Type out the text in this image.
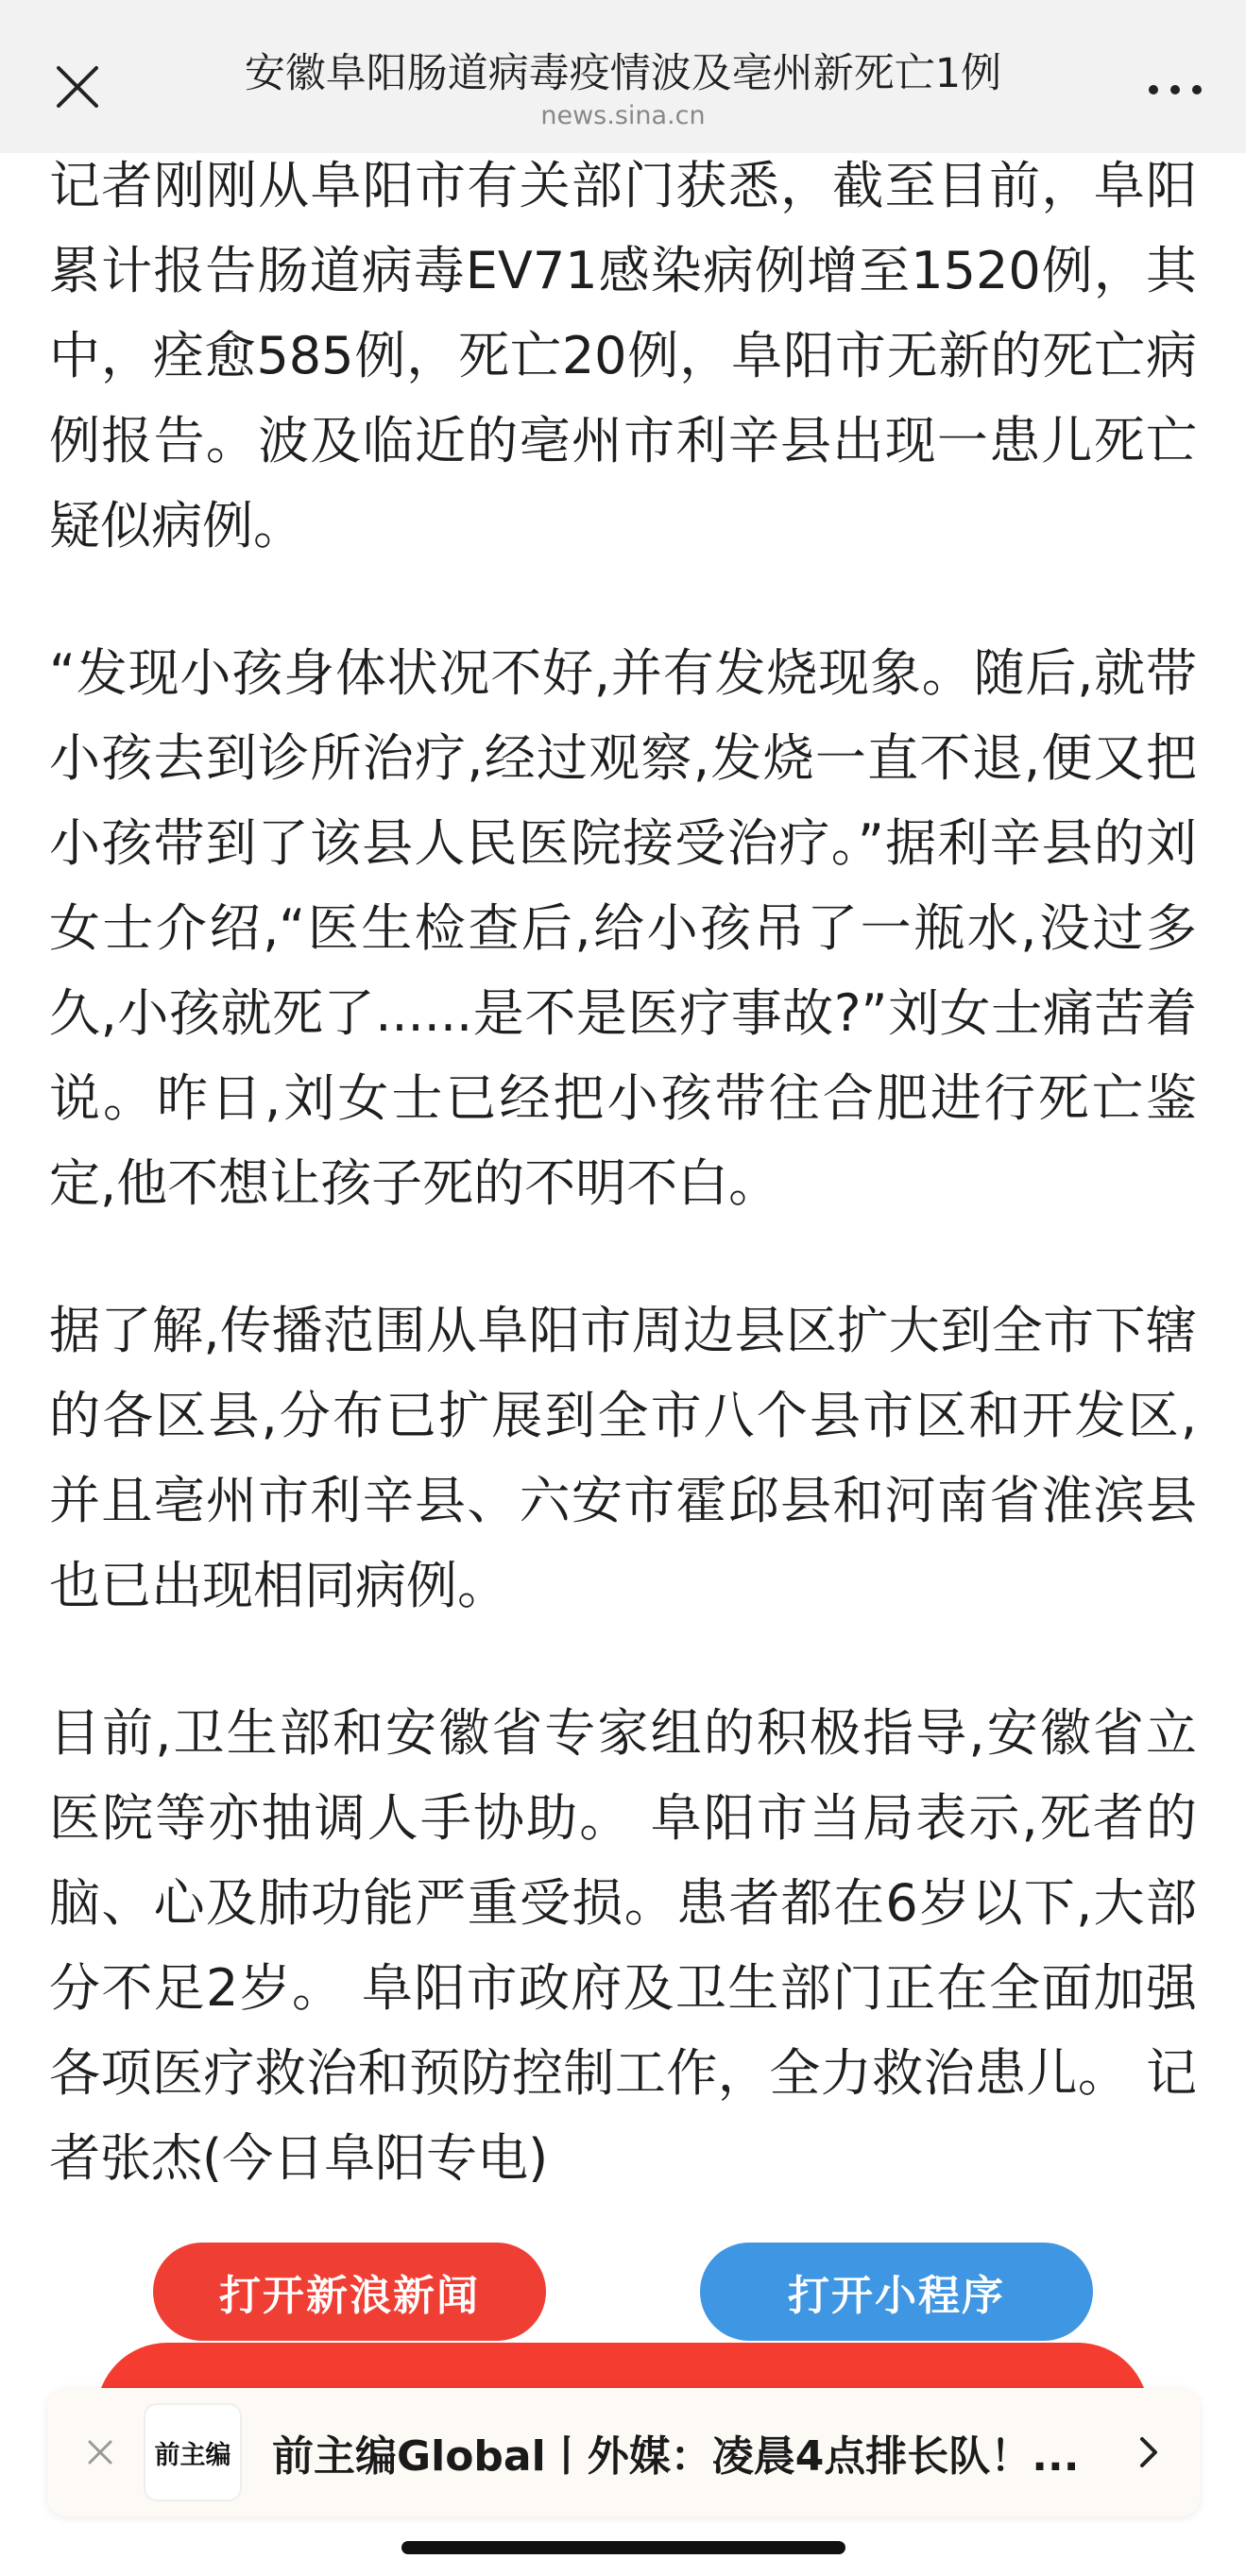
安徽阜阳肠道病毒疫情波及亳州新死亡1例
news.sina.cn

记者刚刚从阜阳市有关部门获悉，截至目前，阜阳累计报告肠道病毒EV71感染病例增至1520例，其中，痊愈585例，死亡20例，阜阳市无新的死亡病例报告。波及临近的亳州市利辛县出现一患儿死亡疑似病例。

“发现小孩身体状况不好,并有发烧现象。随后,就带小孩去到诊所治疗,经过观察,发烧一直不退,便又把小孩带到了该县人民医院接受治疗。”据利辛县的刘女士介绍,“医生检查后,给小孩吊了一瓶水,没过多久,小孩就死了......是不是医疗事故?”刘女士痛苦着说。昨日,刘女士已经把小孩带往合肥进行死亡鉴定,他不想让孩子死的不明不白。

据了解,传播范围从阜阳市周边县区扩大到全市下辖的各区县,分布已扩展到全市八个县市区和开发区,并且亳州市利辛县、六安市霍邱县和河南省淮滨县也已出现相同病例。

目前,卫生部和安徽省专家组的积极指导,安徽省立医院等亦抽调人手协助。 阜阳市当局表示,死者的脑、心及肺功能严重受损。患者都在6岁以下,大部分不足2岁。 阜阳市政府及卫生部门正在全面加强各项医疗救治和预防控制工作，全力救治患儿。 记者张杰(今日阜阳专电)

打开新浪新闻	打开小程序
前主编 前主编Global丨外媒：凌晨4点排长队！...
